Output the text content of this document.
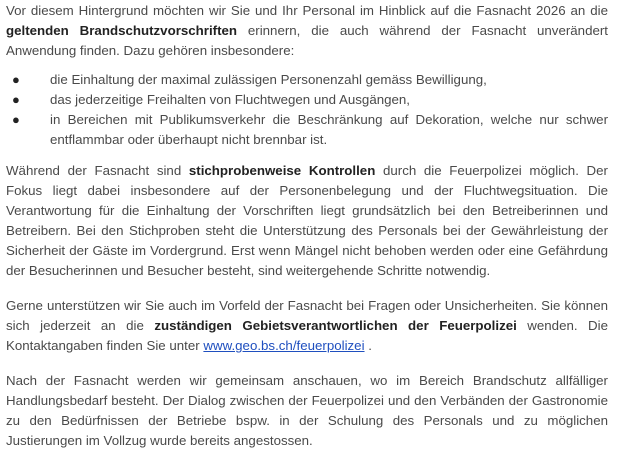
Vor diesem Hintergrund möchten wir Sie und Ihr Personal im Hinblick auf die Fasnacht 2026 an die geltenden Brandschutzvorschriften erinnern, die auch während der Fasnacht unverändert Anwendung finden. Dazu gehören insbesondere:

● die Einhaltung der maximal zulässigen Personenzahl gemäss Bewilligung,
● das jederzeitige Freihalten von Fluchtwegen und Ausgängen,
● in Bereichen mit Publikumsverkehr die Beschränkung auf Dekoration, welche nur schwer entflammbar oder überhaupt nicht brennbar ist.

Während der Fasnacht sind stichprobenweise Kontrollen durch die Feuerpolizei möglich. Der Fokus liegt dabei insbesondere auf der Personenbelegung und der Fluchtwegsituation. Die Verantwortung für die Einhaltung der Vorschriften liegt grundsätzlich bei den Betreiberinnen und Betreibern. Bei den Stichproben steht die Unterstützung des Personals bei der Gewährleistung der Sicherheit der Gäste im Vordergrund. Erst wenn Mängel nicht behoben werden oder eine Gefährdung der Besucherinnen und Besucher besteht, sind weitergehende Schritte notwendig.

Gerne unterstützen wir Sie auch im Vorfeld der Fasnacht bei Fragen oder Unsicherheiten. Sie können sich jederzeit an die zuständigen Gebietsverantwortlichen der Feuerpolizei wenden. Die Kontaktangaben finden Sie unter www.geo.bs.ch/feuerpolizei .

Nach der Fasnacht werden wir gemeinsam anschauen, wo im Bereich Brandschutz allfälliger Handlungsbedarf besteht. Der Dialog zwischen der Feuerpolizei und den Verbänden der Gastronomie zu den Bedürfnissen der Betriebe bspw. in der Schulung des Personals und zu möglichen Justierungen im Vollzug wurde bereits angestossen.
